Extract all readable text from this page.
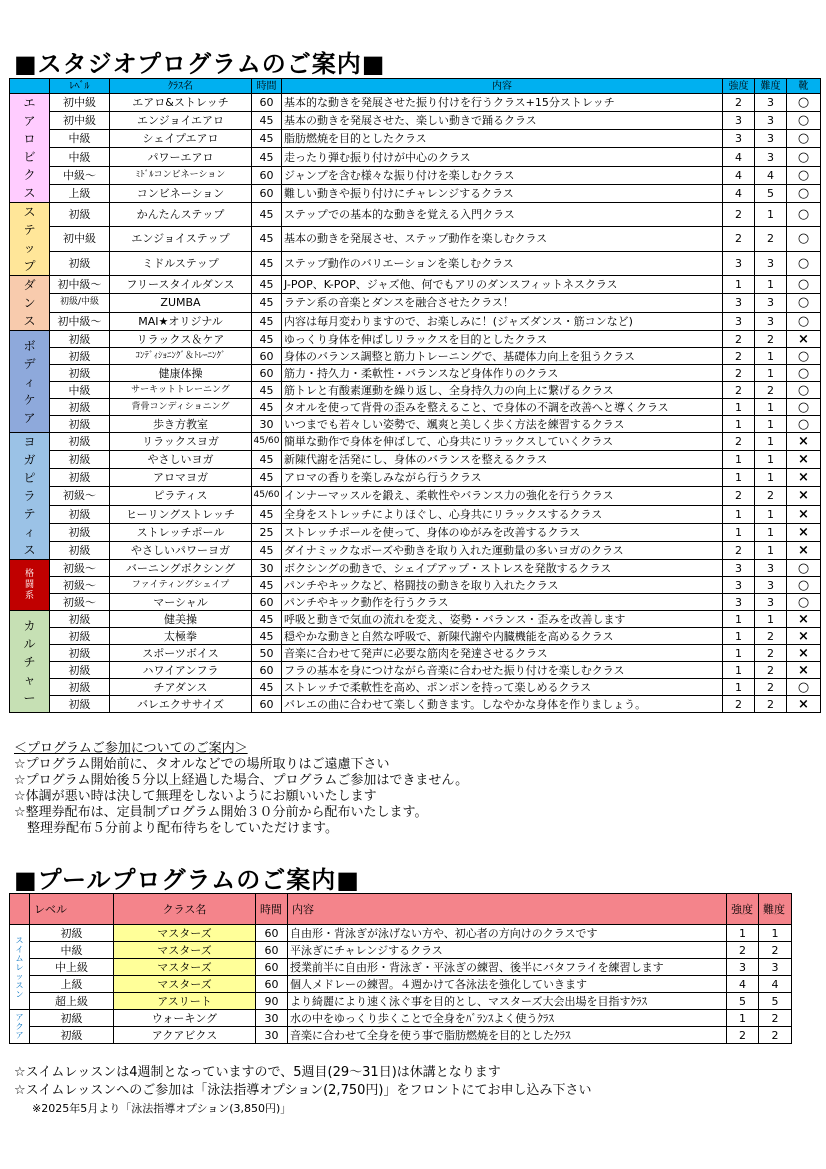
■スタジオプログラムのご案内■
	ﾚﾍﾞﾙ	ｸﾗｽ名	時間	内容	強度	難度	靴
エアロビクス	初中級	エアロ&ストレッチ	60	基本的な動きを発展させた振り付けを行うクラス+15分ストレッチ	2	3	○
	初中級	エンジョイエアロ	45	基本の動きを発展させた、楽しい動きで踊るクラス	3	3	○
	中級	シェイプエアロ	45	脂肪燃焼を目的としたクラス	3	3	○
	中級	パワーエアロ	45	走ったり弾む振り付けが中心のクラス	4	3	○
	中級～	ﾐﾄﾞﾙコンビネーション	60	ジャンプを含む様々な振り付けを楽しむクラス	4	4	○
	上級	コンビネーション	60	難しい動きや振り付けにチャレンジするクラス	4	5	○
ステップ	初級	かんたんステップ	45	ステップでの基本的な動きを覚える入門クラス	2	1	○
	初中級	エンジョイステップ	45	基本の動きを発展させ、ステップ動作を楽しむクラス	2	2	○
	初級	ミドルステップ	45	ステップ動作のバリエーションを楽しむクラス	3	3	○
ダンス	初中級～	フリースタイルダンス	45	J-POP、K-POP、ジャズ他、何でもアリのダンスフィットネスクラス	1	1	○
	初級/中級	ZUMBA	45	ラテン系の音楽とダンスを融合させたクラス！	3	3	○
	初中級～	MAI★オリジナル	45	内容は毎月変わりますので、お楽しみに！(ジャズダンス・筋コンなど)	3	3	○
ボディケア	初級	リラックス＆ケア	45	ゆっくり身体を伸ばしリラックスを目的としたクラス	2	2	×
	初級	ｺﾝﾃﾞｨｼｮﾆﾝｸﾞ＆ﾄﾚｰﾆﾝｸﾞ	60	身体のバランス調整と筋力トレーニングで、基礎体力向上を狙うクラス	2	1	○
	初級	健康体操	60	筋力・持久力・柔軟性・バランスなど身体作りのクラス	2	1	○
	中級	サーキットトレーニング	45	筋トレと有酸素運動を繰り返し、全身持久力の向上に繋げるクラス	2	2	○
	初級	背骨コンディショニング	45	タオルを使って背骨の歪みを整えること、で身体の不調を改善へと導くクラス	1	1	○
	初級	歩き方教室	30	いつまでも若々しい姿勢で、颯爽と美しく歩く方法を練習するクラス	1	1	○
ヨガ ピラティス	初級	リラックスヨガ	45/60	簡単な動作で身体を伸ばして、心身共にリラックスしていくクラス	2	1	×
	初級	やさしいヨガ	45	新陳代謝を活発にし、身体のバランスを整えるクラス	1	1	×
	初級	アロマヨガ	45	アロマの香りを楽しみながら行うクラス	1	1	×
	初級～	ピラティス	45/60	インナーマッスルを鍛え、柔軟性やバランス力の強化を行うクラス	2	2	×
	初級	ヒーリングストレッチ	45	全身をストレッチによりほぐし、心身共にリラックスするクラス	1	1	×
	初級	ストレッチポール	25	ストレッチポールを使って、身体のゆがみを改善するクラス	1	1	×
	初級	やさしいパワーヨガ	45	ダイナミックなポーズや動きを取り入れた運動量の多いヨガのクラス	2	1	×
格闘系	初級～	バーニングボクシング	30	ボクシングの動きで、シェイプアップ・ストレスを発散するクラス	3	3	○
	初級～	ファイティングシェイプ	45	パンチやキックなど、格闘技の動きを取り入れたクラス	3	3	○
	初級～	マーシャル	60	パンチやキック動作を行うクラス	3	3	○
カルチャー	初級	健美操	45	呼吸と動きで気血の流れを変え、姿勢・バランス・歪みを改善します	1	1	×
	初級	太極拳	45	穏やかな動きと自然な呼吸で、新陳代謝や内臓機能を高めるクラス	1	2	×
	初級	スポーツボイス	50	音楽に合わせて発声に必要な筋肉を発達させるクラス	1	2	×
	初級	ハワイアンフラ	60	フラの基本を身につけながら音楽に合わせた振り付けを楽しむクラス	1	2	×
	初級	チアダンス	45	ストレッチで柔軟性を高め、ポンポンを持って楽しめるクラス	1	2	○
	初級	バレエクササイズ	60	バレエの曲に合わせて楽しく動きます。しなやかな身体を作りましょう。	2	2	×
＜プログラムご参加についてのご案内＞
☆プログラム開始前に、タオルなどでの場所取りはご遠慮下さい
☆プログラム開始後５分以上経過した場合、プログラムご参加はできません。
☆体調が悪い時は決して無理をしないようにお願いいたします
☆整理券配布は、定員制プログラム開始３０分前から配布いたします。
　整理券配布５分前より配布待ちをしていただけます。
■プールプログラムのご案内■
	レベル	クラス名	時間	内容	強度	難度
スイムレッスン	初級	マスターズ	60	自由形・背泳ぎが泳げない方や、初心者の方向けのクラスです	1	1
	中級	マスターズ	60	平泳ぎにチャレンジするクラス	2	2
	中上級	マスターズ	60	授業前半に自由形・背泳ぎ・平泳ぎの練習、後半にバタフライを練習します	3	3
	上級	マスターズ	60	個人メドレーの練習。４週かけて各泳法を強化していきます	4	4
	超上級	アスリート	90	より綺麗により速く泳ぐ事を目的とし、マスターズ大会出場を目指すｸﾗｽ	5	5
アクア	初級	ウォーキング	30	水の中をゆっくり歩くことで全身をﾊﾞﾗﾝｽよく使うｸﾗｽ	1	2
	初級	アクアビクス	30	音楽に合わせて全身を使う事で脂肪燃焼を目的としたｸﾗｽ	2	2
☆スイムレッスンは4週制となっていますので、5週目(29～31日)は休講となります
☆スイムレッスンへのご参加は「泳法指導オプション(2,750円)」をフロントにてお申し込み下さい
※2025年5月より「泳法指導オプション(3,850円)」
